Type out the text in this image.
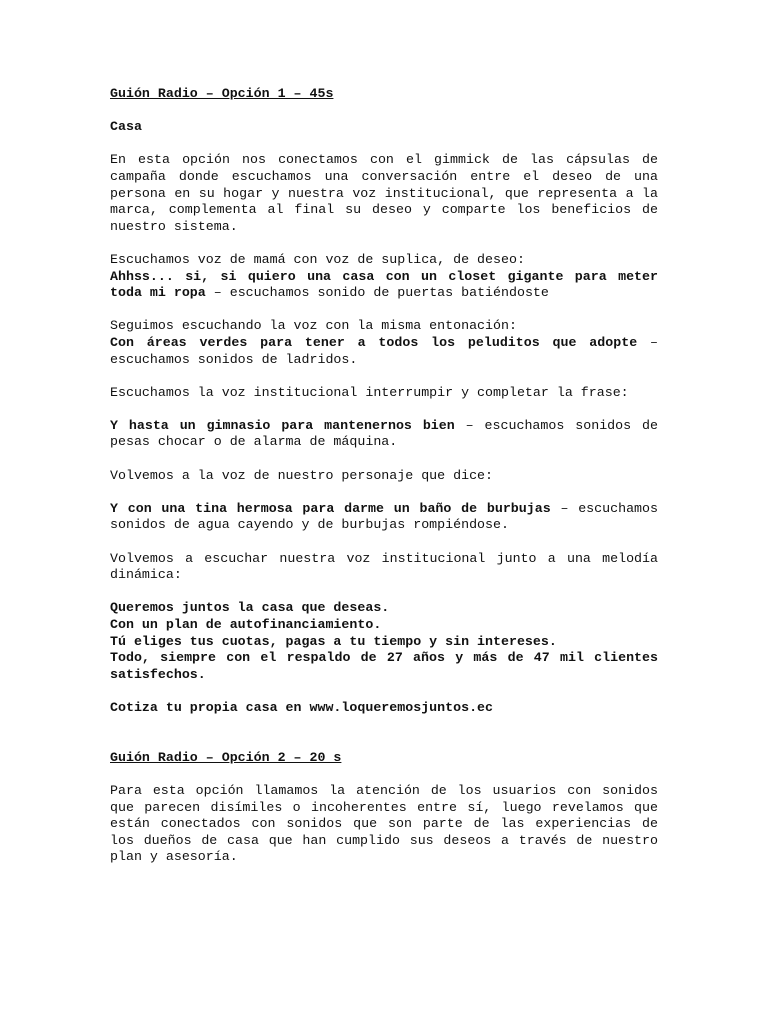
Guión Radio – Opción 1 – 45s
Casa
En esta opción nos conectamos con el gimmick de las cápsulas de campaña donde escuchamos una conversación entre el deseo de una persona en su hogar y nuestra voz institucional, que representa a la marca, complementa al final su deseo y comparte los beneficios de nuestro sistema.
Escuchamos voz de mamá con voz de suplica, de deseo:
Ahhss... si, si quiero una casa con un closet gigante para meter toda mi ropa – escuchamos sonido de puertas batiéndoste
Seguimos escuchando la voz con la misma entonación:
Con áreas verdes para tener a todos los peluditos que adopte – escuchamos sonidos de ladridos.
Escuchamos la voz institucional interrumpir y completar la frase:
Y hasta un gimnasio para mantenernos bien – escuchamos sonidos de pesas chocar o de alarma de máquina.
Volvemos a la voz de nuestro personaje que dice:
Y con una tina hermosa para darme un baño de burbujas – escuchamos sonidos de agua cayendo y de burbujas rompiéndose.
Volvemos a escuchar nuestra voz institucional junto a una melodía dinámica:
Queremos juntos la casa que deseas.
Con un plan de autofinanciamiento.
Tú eliges tus cuotas, pagas a tu tiempo y sin intereses.
Todo, siempre con el respaldo de 27 años y más de 47 mil clientes satisfechos.
Cotiza tu propia casa en www.loqueremosjuntos.ec
Guión Radio – Opción 2 – 20 s
Para esta opción llamamos la atención de los usuarios con sonidos que parecen disímiles o incoherentes entre sí, luego revelamos que están conectados con sonidos que son parte de las experiencias de los dueños de casa que han cumplido sus deseos a través de nuestro plan y asesoría.
